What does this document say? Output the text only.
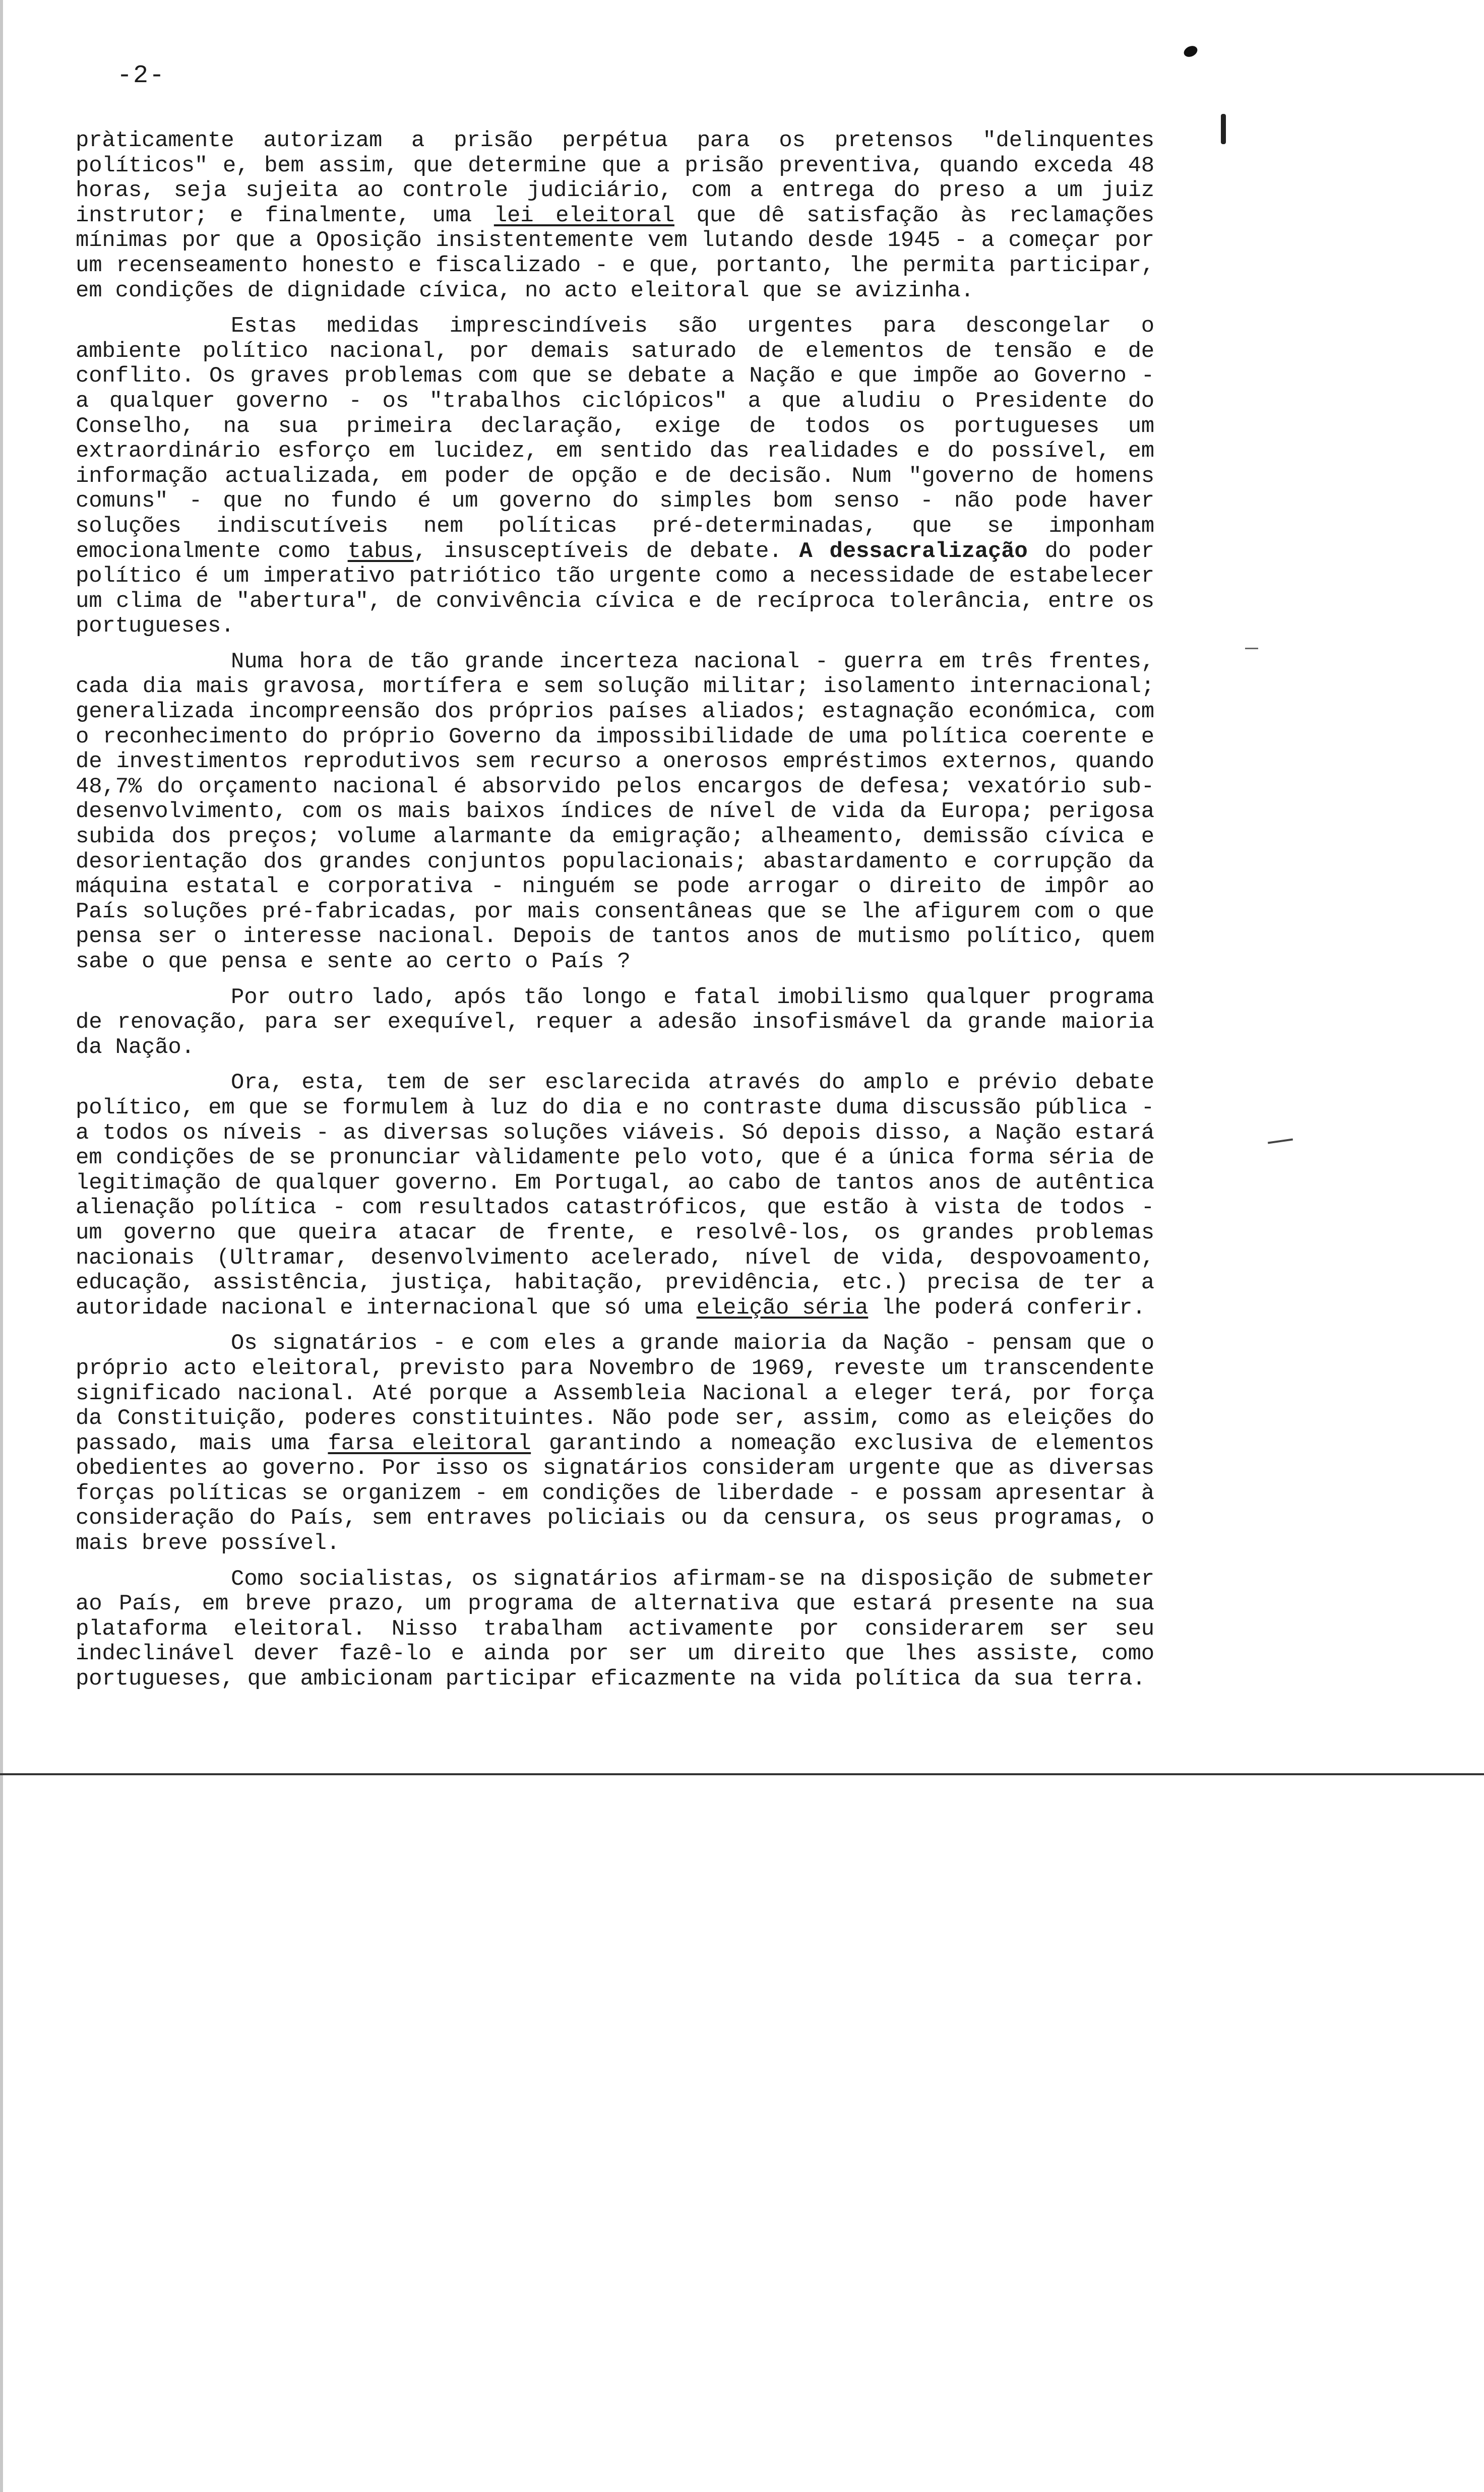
-2-

pràticamente autorizam a prisão perpétua para os pretensos "delinquentes políticos" e, bem assim, que determine que a prisão preventiva, quando exceda 48 horas, seja sujeita ao controle judiciário, com a entrega do preso a um juiz instrutor; e finalmente, uma lei eleitoral que dê satisfação às reclamações mínimas por que a Oposição insistentemente vem lutando desde 1945 - a começar por um recenseamento honesto e fiscalizado - e que, portanto, lhe permita participar, em condições de dignidade cívica, no acto eleitoral que se avizinha.

Estas medidas imprescindíveis são urgentes para descongelar o ambiente político nacional, por demais saturado de elementos de tensão e de conflito. Os graves problemas com que se debate a Nação e que impõe ao Governo - a qualquer governo - os "trabalhos ciclópicos" a que aludiu o Presidente do Conselho, na sua primeira declaração, exige de todos os portugueses um extraordinário esforço em lucidez, em sentido das realidades e do possível, em informação actualizada, em poder de opção e de decisão. Num "governo de homens comuns" - que no fundo é um governo do simples bom senso - não pode haver soluções indiscutíveis nem políticas pré-determinadas, que se imponham emocionalmente como tabus, insusceptíveis de debate. A dessacralização do poder político é um imperativo patriótico tão urgente como a necessidade de estabelecer um clima de "abertura", de convivência cívica e de recíproca tolerância, entre os portugueses.

Numa hora de tão grande incerteza nacional - guerra em três frentes, cada dia mais gravosa, mortífera e sem solução militar; isolamento internacional; generalizada incompreensão dos próprios países aliados; estagnação económica, com o reconhecimento do próprio Governo da impossibilidade de uma política coerente e de investimentos reprodutivos sem recurso a onerosos empréstimos externos, quando 48,7% do orçamento nacional é absorvido pelos encargos de defesa; vexatório sub-desenvolvimento, com os mais baixos índices de nível de vida da Europa; perigosa subida dos preços; volume alarmante da emigração; alheamento, demissão cívica e desorientação dos grandes conjuntos populacionais; abastardamento e corrupção da máquina estatal e corporativa - ninguém se pode arrogar o direito de impôr ao País soluções pré-fabricadas, por mais consentâneas que se lhe afigurem com o que pensa ser o interesse nacional. Depois de tantos anos de mutismo político, quem sabe o que pensa e sente ao certo o País ?

Por outro lado, após tão longo e fatal imobilismo qualquer programa de renovação, para ser exequível, requer a adesão insofismável da grande maioria da Nação.

Ora, esta, tem de ser esclarecida através do amplo e prévio debate político, em que se formulem à luz do dia e no contraste duma discussão pública - a todos os níveis - as diversas soluções viáveis. Só depois disso, a Nação estará em condições de se pronunciar vàlidamente pelo voto, que é a única forma séria de legitimação de qualquer governo. Em Portugal, ao cabo de tantos anos de autêntica alienação política - com resultados catastróficos, que estão à vista de todos - um governo que queira atacar de frente, e resolvê-los, os grandes problemas nacionais (Ultramar, desenvolvimento acelerado, nível de vida, despovoamento, educação, assistência, justiça, habitação, previdência, etc.) precisa de ter a autoridade nacional e internacional que só uma eleição séria lhe poderá conferir.

Os signatários - e com eles a grande maioria da Nação - pensam que o próprio acto eleitoral, previsto para Novembro de 1969, reveste um transcendente significado nacional. Até porque a Assembleia Nacional a eleger terá, por força da Constituição, poderes constituintes. Não pode ser, assim, como as eleições do passado, mais uma farsa eleitoral garantindo a nomeação exclusiva de elementos obedientes ao governo. Por isso os signatários consideram urgente que as diversas forças políticas se organizem - em condições de liberdade - e possam apresentar à consideração do País, sem entraves policiais ou da censura, os seus programas, o mais breve possível.

Como socialistas, os signatários afirmam-se na disposição de submeter ao País, em breve prazo, um programa de alternativa que estará presente na sua plataforma eleitoral. Nisso trabalham activamente por considerarem ser seu indeclinável dever fazê-lo e ainda por ser um direito que lhes assiste, como portugueses, que ambicionam participar eficazmente na vida política da sua terra.
